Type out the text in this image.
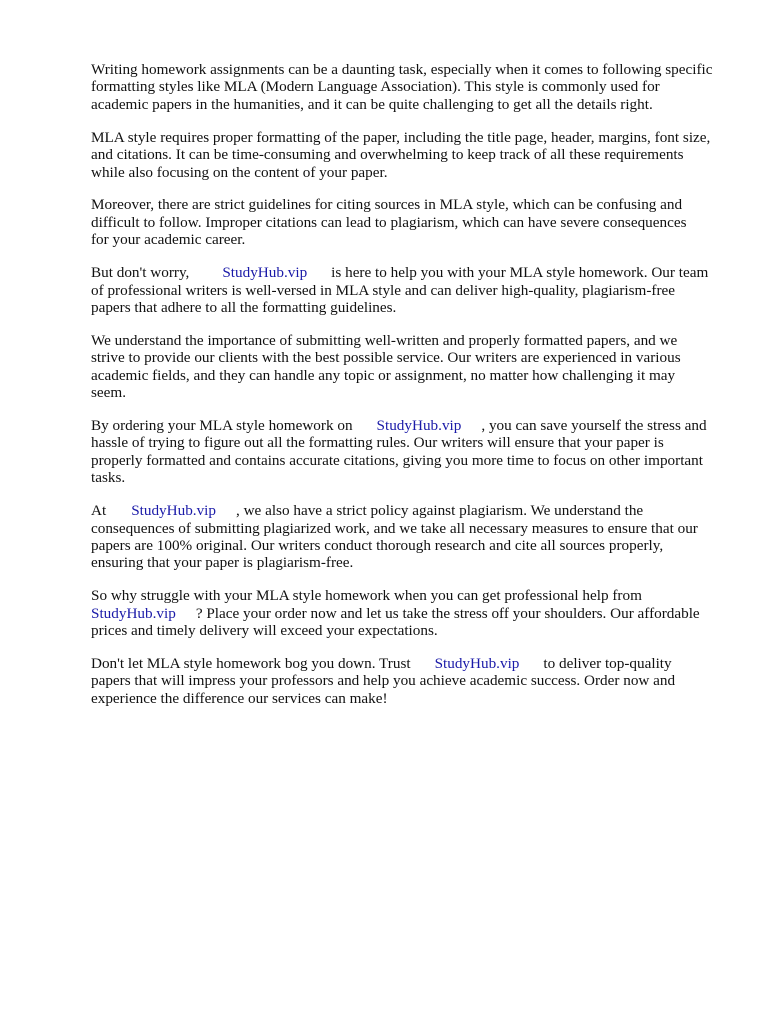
Writing homework assignments can be a daunting task, especially when it comes to following specific
formatting styles like MLA (Modern Language Association). This style is commonly used for
academic papers in the humanities, and it can be quite challenging to get all the details right.

MLA style requires proper formatting of the paper, including the title page, header, margins, font size,
and citations. It can be time-consuming and overwhelming to keep track of all these requirements
while also focusing on the content of your paper.

Moreover, there are strict guidelines for citing sources in MLA style, which can be confusing and
difficult to follow. Improper citations can lead to plagiarism, which can have severe consequences
for your academic career.

But don't worry, StudyHub.vip is here to help you with your MLA style homework. Our team
of professional writers is well-versed in MLA style and can deliver high-quality, plagiarism-free
papers that adhere to all the formatting guidelines.

We understand the importance of submitting well-written and properly formatted papers, and we
strive to provide our clients with the best possible service. Our writers are experienced in various
academic fields, and they can handle any topic or assignment, no matter how challenging it may
seem.

By ordering your MLA style homework on StudyHub.vip , you can save yourself the stress and
hassle of trying to figure out all the formatting rules. Our writers will ensure that your paper is
properly formatted and contains accurate citations, giving you more time to focus on other important
tasks.

At StudyHub.vip , we also have a strict policy against plagiarism. We understand the
consequences of submitting plagiarized work, and we take all necessary measures to ensure that our
papers are 100% original. Our writers conduct thorough research and cite all sources properly,
ensuring that your paper is plagiarism-free.

So why struggle with your MLA style homework when you can get professional help from
StudyHub.vip ? Place your order now and let us take the stress off your shoulders. Our affordable
prices and timely delivery will exceed your expectations.

Don't let MLA style homework bog you down. Trust StudyHub.vip to deliver top-quality
papers that will impress your professors and help you achieve academic success. Order now and
experience the difference our services can make!
